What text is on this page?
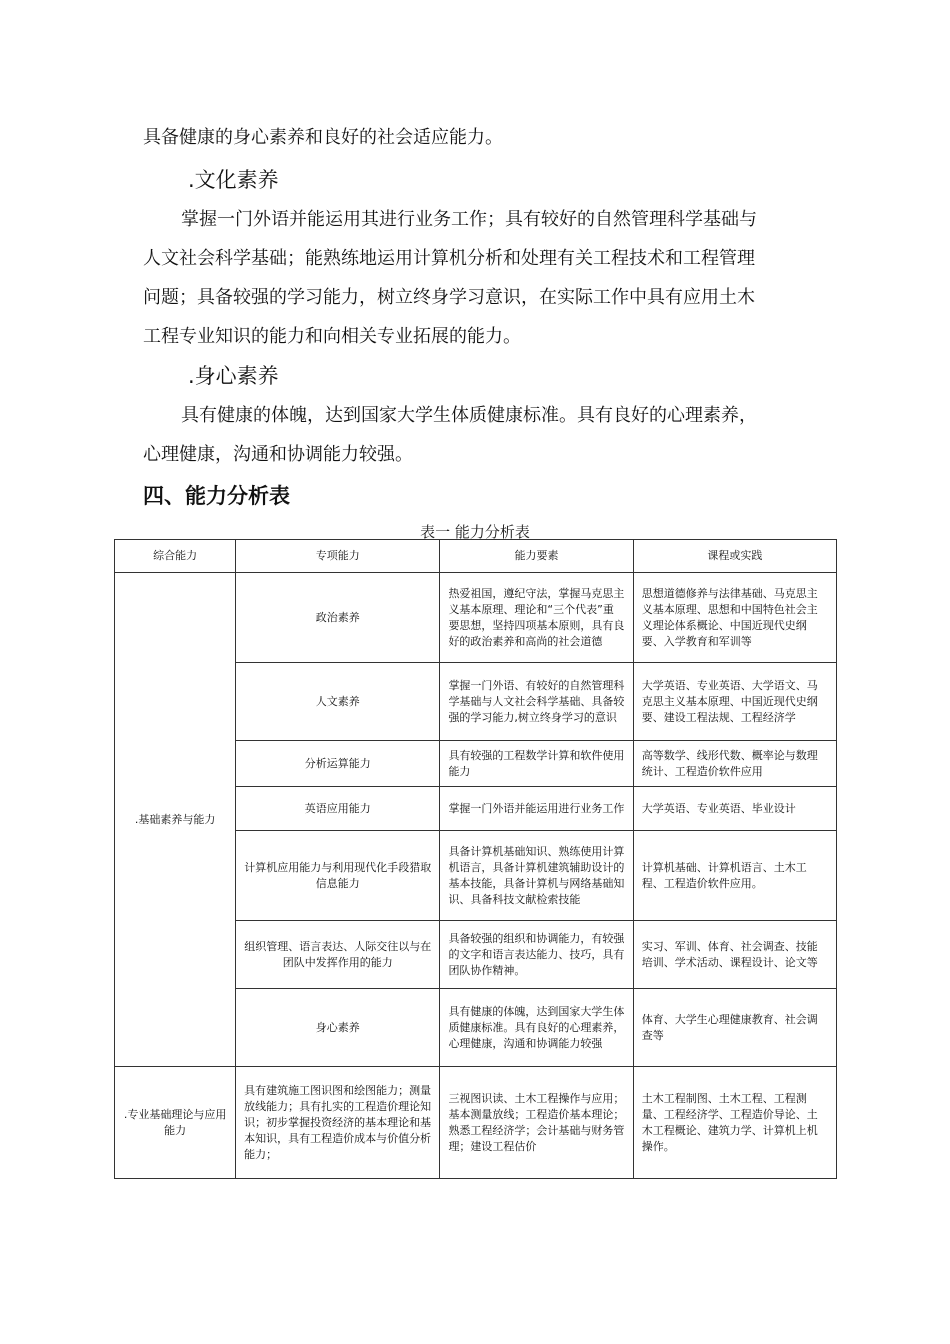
具备健康的身心素养和良好的社会适应能力。
.文化素养
掌握一门外语并能运用其进行业务工作；具有较好的自然管理科学基础与
人文社会科学基础；能熟练地运用计算机分析和处理有关工程技术和工程管理
问题；具备较强的学习能力，树立终身学习意识，在实际工作中具有应用土木
工程专业知识的能力和向相关专业拓展的能力。
.身心素养
具有健康的体魄，达到国家大学生体质健康标准。具有良好的心理素养，
心理健康，沟通和协调能力较强。
四、能力分析表
表一 能力分析表
综合能力	专项能力	能力要素	课程或实践
.基础素养与能力	政治素养	热爱祖国，遵纪守法，掌握马克思主义基本原理、理论和“三个代表”重要思想，坚持四项基本原则，具有良好的政治素养和高尚的社会道德	思想道德修养与法律基础、马克思主义基本原理、思想和中国特色社会主义理论体系概论、中国近现代史纲要、入学教育和军训等
	人文素养	掌握一门外语、有较好的自然管理科学基础与人文社会科学基础、具备较强的学习能力,树立终身学习的意识	大学英语、专业英语、大学语文、马克思主义基本原理、中国近现代史纲要、建设工程法规、工程经济学
	分析运算能力	具有较强的工程数学计算和软件使用能力	高等数学、线形代数、概率论与数理统计、工程造价软件应用
	英语应用能力	掌握一门外语并能运用进行业务工作	大学英语、专业英语、毕业设计
	计算机应用能力与利用现代化手段猎取信息能力	具备计算机基础知识、熟练使用计算机语言，具备计算机建筑辅助设计的基本技能，具备计算机与网络基础知识、具备科技文献检索技能	计算机基础、计算机语言、土木工程、工程造价软件应用。
	组织管理、语言表达、人际交往以与在团队中发挥作用的能力	具备较强的组织和协调能力，有较强的文字和语言表达能力、技巧，具有团队协作精神。	实习、军训、体育、社会调查、技能培训、学术活动、课程设计、论文等
	身心素养	具有健康的体魄，达到国家大学生体质健康标准。具有良好的心理素养，心理健康，沟通和协调能力较强	体育、大学生心理健康教育、社会调查等
.专业基础理论与应用能力	具有建筑施工图识图和绘图能力；测量放线能力；具有扎实的工程造价理论知识；初步掌握投资经济的基本理论和基本知识，具有工程造价成本与价值分析能力；	三视图识读、土木工程操作与应用；基本测量放线；工程造价基本理论；熟悉工程经济学；会计基础与财务管理；建设工程估价	土木工程制图、土木工程、工程测量、工程经济学、工程造价导论、土木工程概论、建筑力学、计算机上机操作。
